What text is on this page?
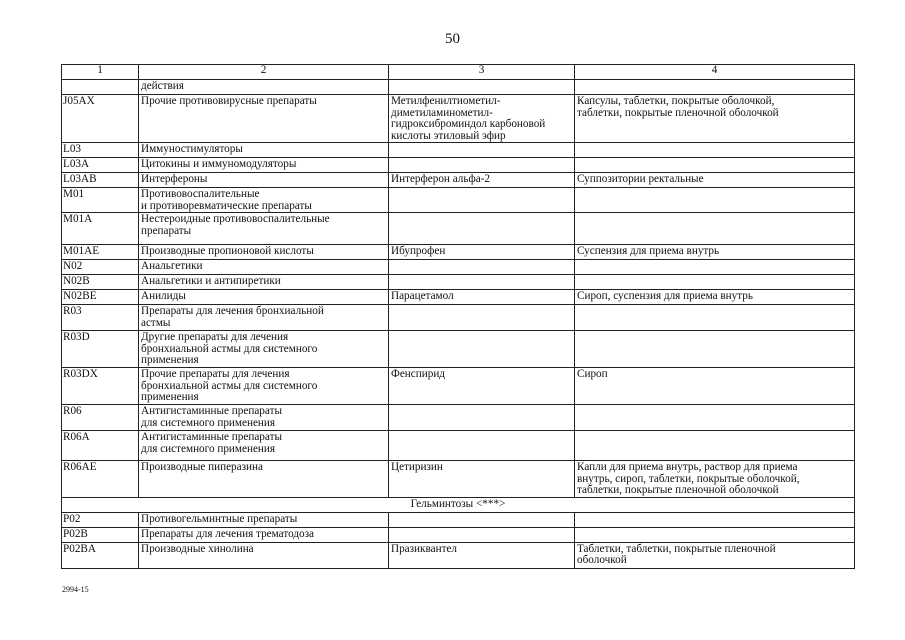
50
1	2	3	4
	действия		
J05AX	Прочие противовирусные препараты	Метилфенилтиометил-
диметиламинометил-
гидроксиброминдол карбоновой
кислоты этиловый эфир	Капсулы, таблетки, покрытые оболочкой,
таблетки, покрытые пленочной оболочкой
L03	Иммуностимуляторы		
L03A	Цитокины и иммуномодуляторы		
L03AB	Интерфероны	Интерферон альфа-2	Суппозитории ректальные
M01	Противовоспалительные
и противоревматические препараты		
M01A	Нестероидные противовоспалительные
препараты		
M01AE	Производные пропионовой кислоты	Ибупрофен	Суспензия для приема внутрь
N02	Анальгетики		
N02B	Анальгетики и антипиретики		
N02BE	Анилиды	Парацетамол	Сироп, суспензия для приема внутрь
R03	Препараты для лечения бронхиальной
астмы		
R03D	Другие препараты для лечения
бронхиальной астмы для системного
применения		
R03DX	Прочие препараты для лечения
бронхиальной астмы для системного
применения	Фенспирид	Сироп
R06	Антигистаминные препараты
для системного применения		
R06A	Антигистаминные препараты
для системного применения		
R06AE	Производные пиперазина	Цетиризин	Капли для приема внутрь, раствор для приема
внутрь, сироп, таблетки, покрытые оболочкой,
таблетки, покрытые пленочной оболочкой
Гельминтозы <***>			
P02	Противогельминтные препараты		
P02B	Препараты для лечения трематодоза		
P02BA	Производные хинолина	Празиквантел	Таблетки, таблетки, покрытые пленочной
оболочкой
2994-15
